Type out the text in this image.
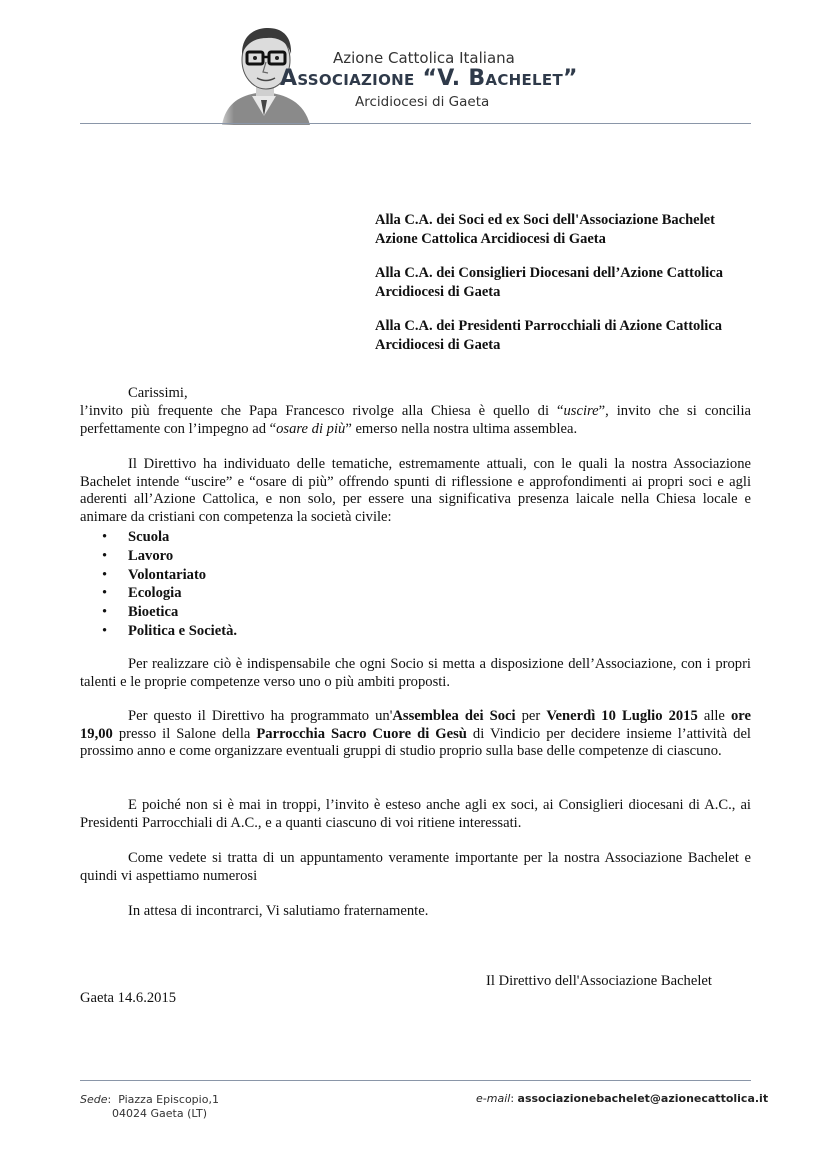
Azione Cattolica Italiana
Associazione “V. Bachelet”
Arcidiocesi di Gaeta
Alla C.A. dei Soci ed ex Soci dell'Associazione Bachelet
Azione Cattolica Arcidiocesi di Gaeta
Alla C.A. dei Consiglieri Diocesani dell’Azione Cattolica
Arcidiocesi di Gaeta
Alla C.A. dei Presidenti Parrocchiali di Azione Cattolica
Arcidiocesi di Gaeta
Carissimi,
l’invito più frequente che Papa Francesco rivolge alla Chiesa è quello di “uscire”, invito che si concilia perfettamente con l’impegno ad “osare di più” emerso nella nostra ultima assemblea.
Il Direttivo ha individuato delle tematiche, estremamente attuali, con le quali la nostra Associazione Bachelet intende “uscire” e “osare di più” offrendo spunti di riflessione e approfondimenti ai propri soci e agli aderenti all’Azione Cattolica, e non solo, per essere una significativa presenza laicale nella Chiesa locale e animare da cristiani con competenza la società civile:
• Scuola
• Lavoro
• Volontariato
• Ecologia
• Bioetica
• Politica e Società.
Per realizzare ciò è indispensabile che ogni Socio si metta a disposizione dell’Associazione, con i propri talenti e le proprie competenze verso uno o più ambiti proposti.
Per questo il Direttivo ha programmato un'Assemblea dei Soci per Venerdì 10 Luglio 2015 alle ore 19,00 presso il Salone della Parrocchia Sacro Cuore di Gesù di Vindicio per decidere insieme l’attività del prossimo anno e come organizzare eventuali gruppi di studio proprio sulla base delle competenze di ciascuno.
E poiché non si è mai in troppi, l’invito è esteso anche agli ex soci, ai Consiglieri diocesani di A.C., ai Presidenti Parrocchiali di A.C., e a quanti ciascuno di voi ritiene interessati.
Come vedete si tratta di un appuntamento veramente importante per la nostra Associazione Bachelet e quindi vi aspettiamo numerosi
In attesa di incontrarci, Vi salutiamo fraternamente.
Il Direttivo dell'Associazione Bachelet
Gaeta 14.6.2015
Sede:  Piazza Episcopio,1
04024 Gaeta (LT)
e-mail: associazionebachelet@azionecattolica.it
